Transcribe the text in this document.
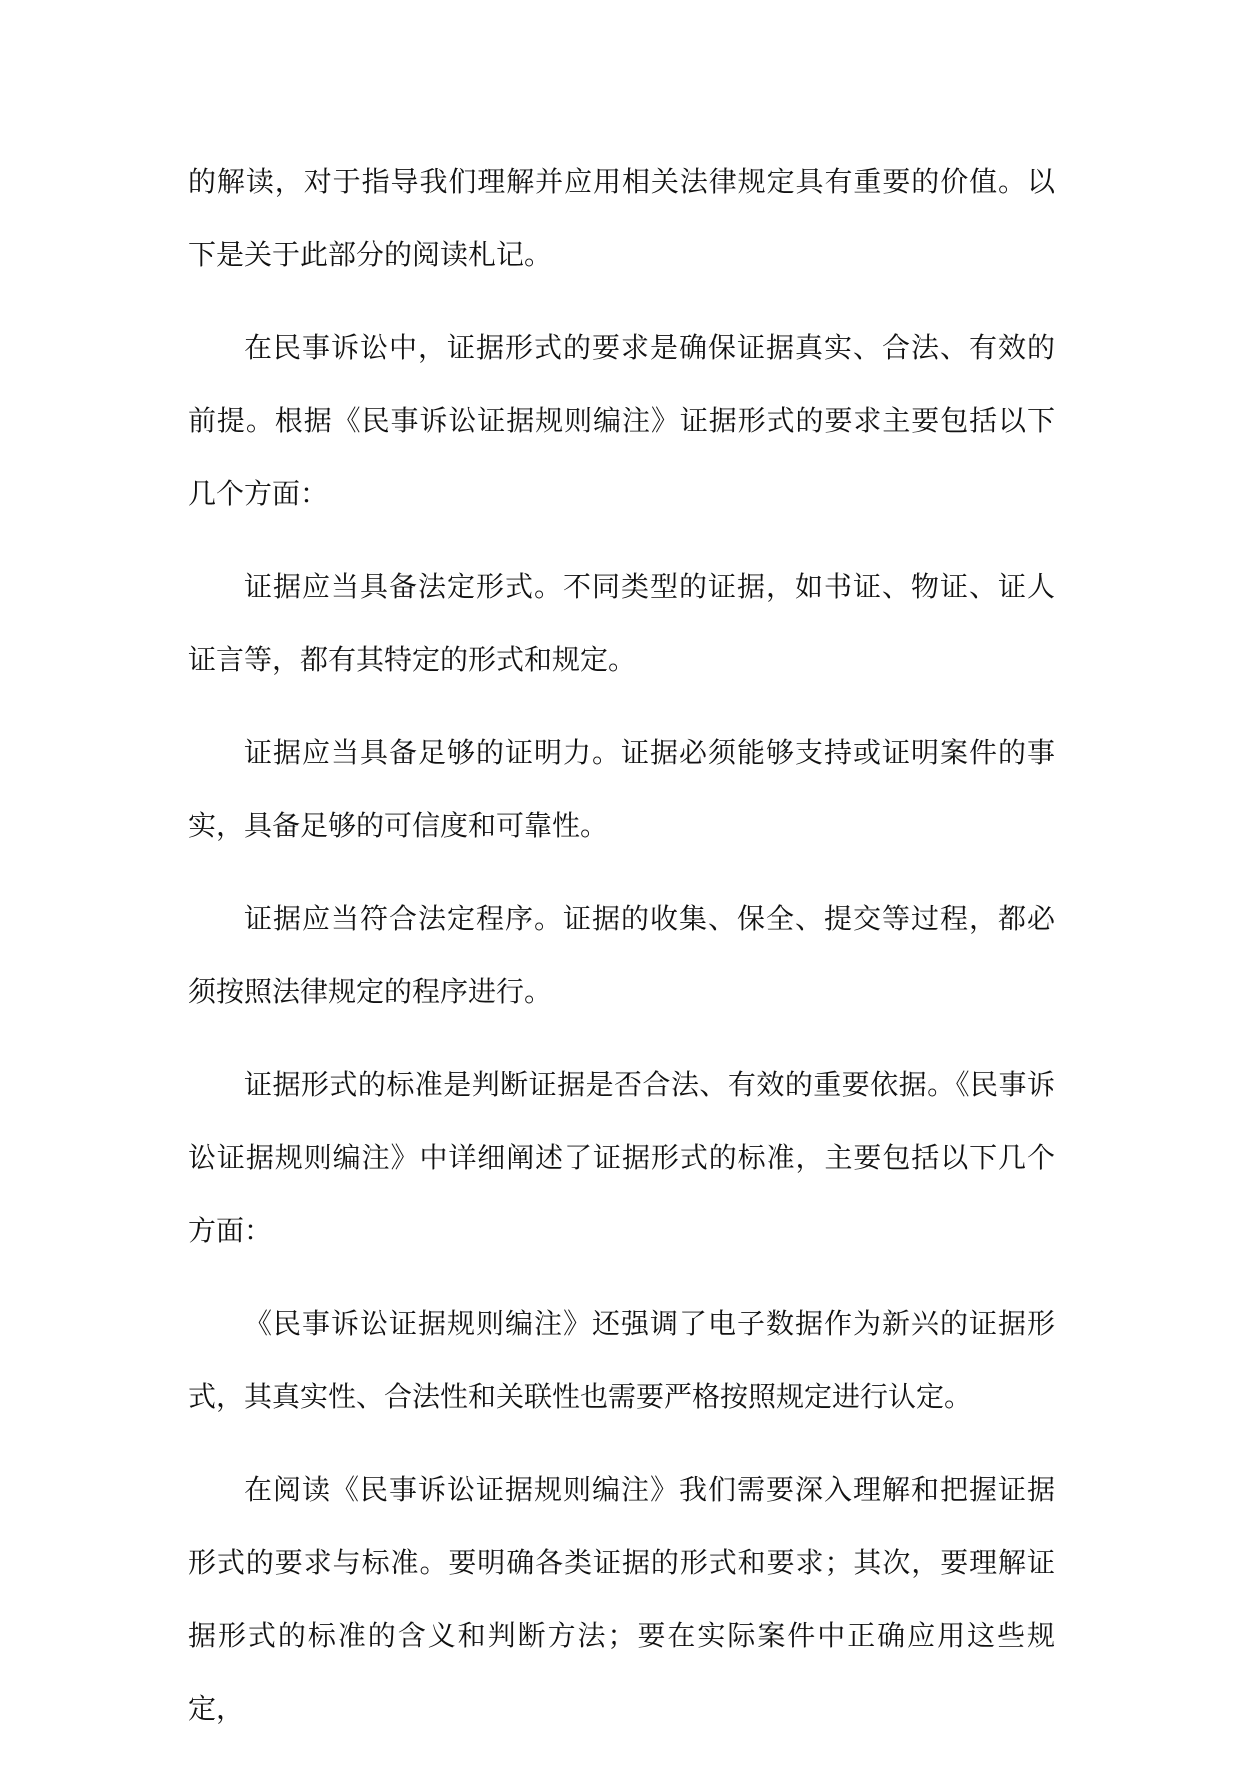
的解读，对于指导我们理解并应用相关法律规定具有重要的价值。以下是关于此部分的阅读札记。

在民事诉讼中，证据形式的要求是确保证据真实、合法、有效的前提。根据《民事诉讼证据规则编注》证据形式的要求主要包括以下几个方面：

证据应当具备法定形式。不同类型的证据，如书证、物证、证人证言等，都有其特定的形式和规定。

证据应当具备足够的证明力。证据必须能够支持或证明案件的事实，具备足够的可信度和可靠性。

证据应当符合法定程序。证据的收集、保全、提交等过程，都必须按照法律规定的程序进行。

证据形式的标准是判断证据是否合法、有效的重要依据。《民事诉讼证据规则编注》中详细阐述了证据形式的标准，主要包括以下几个方面：

《民事诉讼证据规则编注》还强调了电子数据作为新兴的证据形式，其真实性、合法性和关联性也需要严格按照规定进行认定。

在阅读《民事诉讼证据规则编注》我们需要深入理解和把握证据形式的要求与标准。要明确各类证据的形式和要求；其次，要理解证据形式的标准的含义和判断方法；要在实际案件中正确应用这些规定，
